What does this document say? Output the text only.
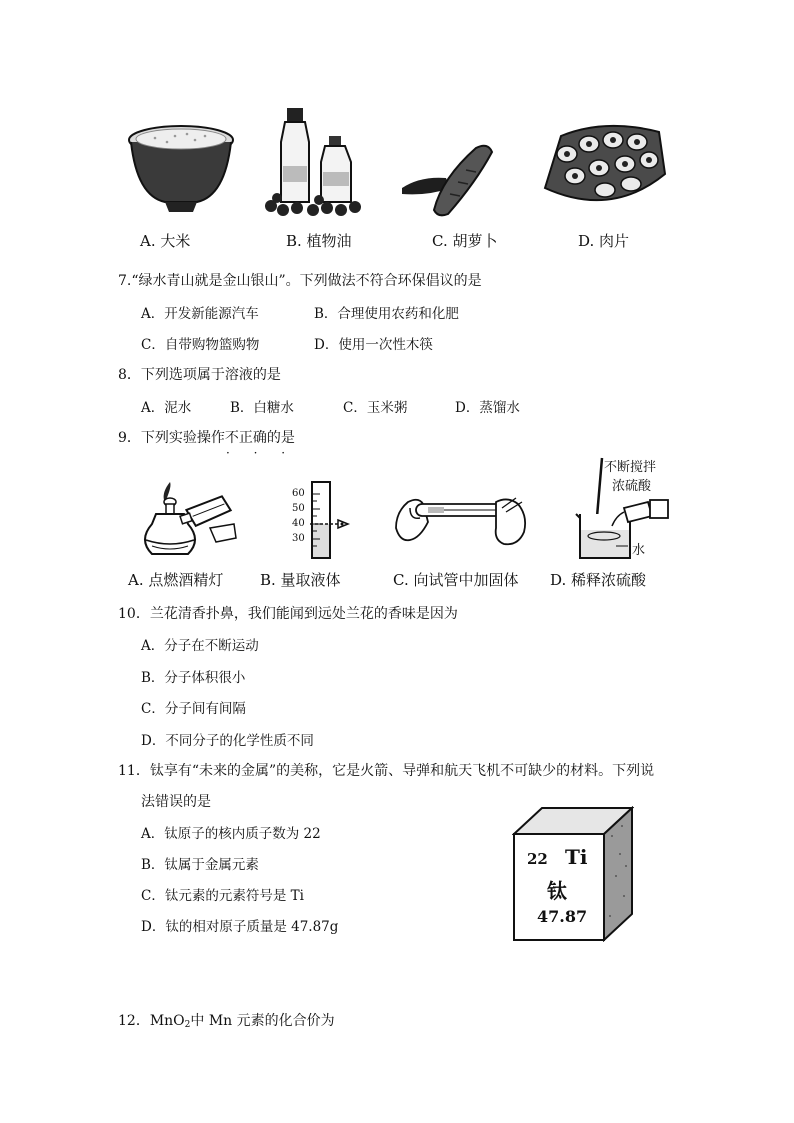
A. 大米	B. 植物油	C. 胡萝卜	D. 肉片
7.“绿水青山就是金山银山”。下列做法不符合环保倡议的是
A．开发新能源汽车	B．合理使用农药和化肥
C．自带购物篮购物	D．使用一次性木筷
8．下列选项属于溶液的是
A．泥水	B．白糖水	C．玉米粥	D．蒸馏水
9．下列实验操作不正确的是
· · ·
60
50
40
30
不断搅拌
浓硫酸
水
A. 点燃酒精灯 B. 量取液体	C. 向试管中加固体 D. 稀释浓硫酸
10．兰花清香扑鼻，我们能闻到远处兰花的香味是因为
A．分子在不断运动
B．分子体积很小
C．分子间有间隔
D．不同分子的化学性质不同
11．钛享有“未来的金属”的美称，它是火箭、导弹和航天飞机不可缺少的材料。下列说
法错误的是
A．钛原子的核内质子数为 22
B．钛属于金属元素
C．钛元素的元素符号是 Ti
D．钛的相对原子质量是 47.87g
22 Ti
钛
47.87
12．MnO$_2$中 Mn 元素的化合价为
